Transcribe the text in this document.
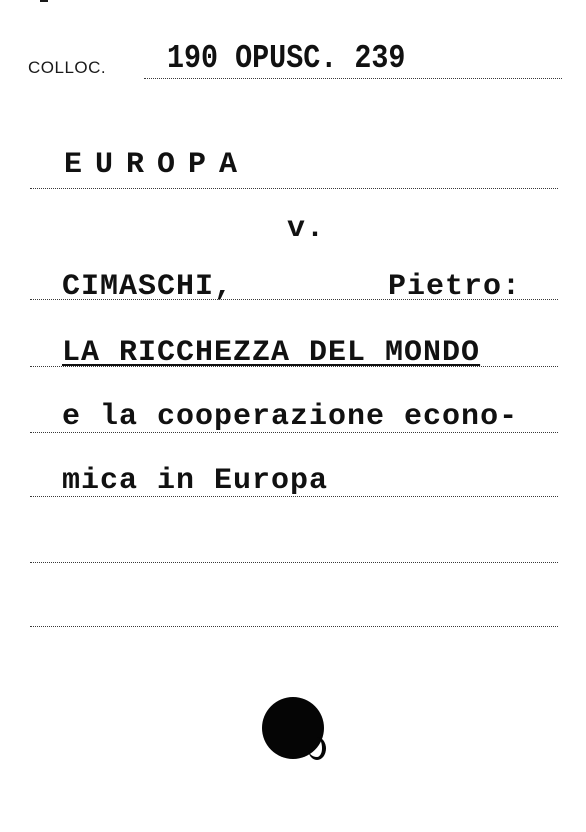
COLLOC. 190 OPUSC. 239
EUROPA
v.
CIMASCHI,	Pietro:
LA RICCHEZZA DEL MONDO
e la cooperazione econo-
mica in Europa
